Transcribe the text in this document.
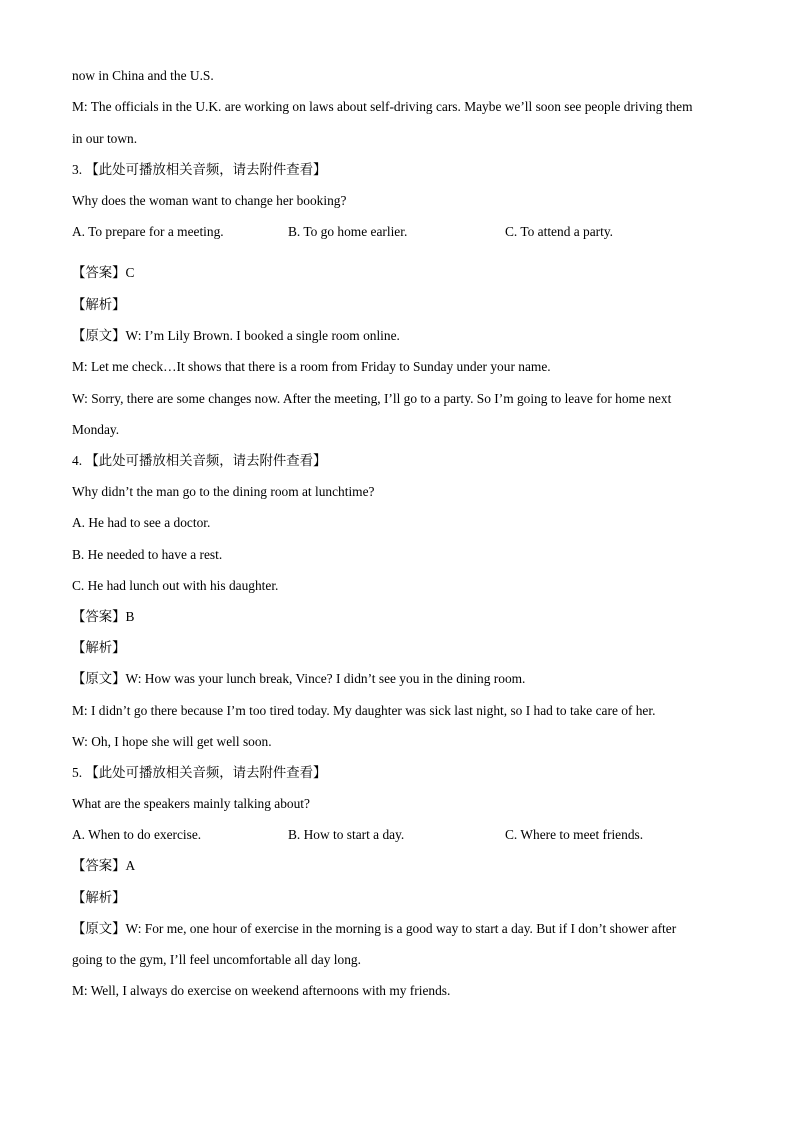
now in China and the U.S.
M: The officials in the U.K. are working on laws about self-driving cars. Maybe we’ll soon see people driving them
in our town.
3. 【此处可播放相关音频，请去附件查看】
Why does the woman want to change her booking?
A. To prepare for a meeting.	B. To go home earlier.	C. To attend a party.
【答案】C
【解析】
【原文】W: I’m Lily Brown. I booked a single room online.
M: Let me check…It shows that there is a room from Friday to Sunday under your name.
W: Sorry, there are some changes now. After the meeting, I’ll go to a party. So I’m going to leave for home next
Monday.
4. 【此处可播放相关音频，请去附件查看】
Why didn’t the man go to the dining room at lunchtime?
A. He had to see a doctor.
B. He needed to have a rest.
C. He had lunch out with his daughter.
【答案】B
【解析】
【原文】W: How was your lunch break, Vince? I didn’t see you in the dining room.
M: I didn’t go there because I’m too tired today. My daughter was sick last night, so I had to take care of her.
W: Oh, I hope she will get well soon.
5. 【此处可播放相关音频，请去附件查看】
What are the speakers mainly talking about?
A. When to do exercise.	B. How to start a day.	C. Where to meet friends.
【答案】A
【解析】
【原文】W: For me, one hour of exercise in the morning is a good way to start a day. But if I don’t shower after
going to the gym, I’ll feel uncomfortable all day long.
M: Well, I always do exercise on weekend afternoons with my friends.
